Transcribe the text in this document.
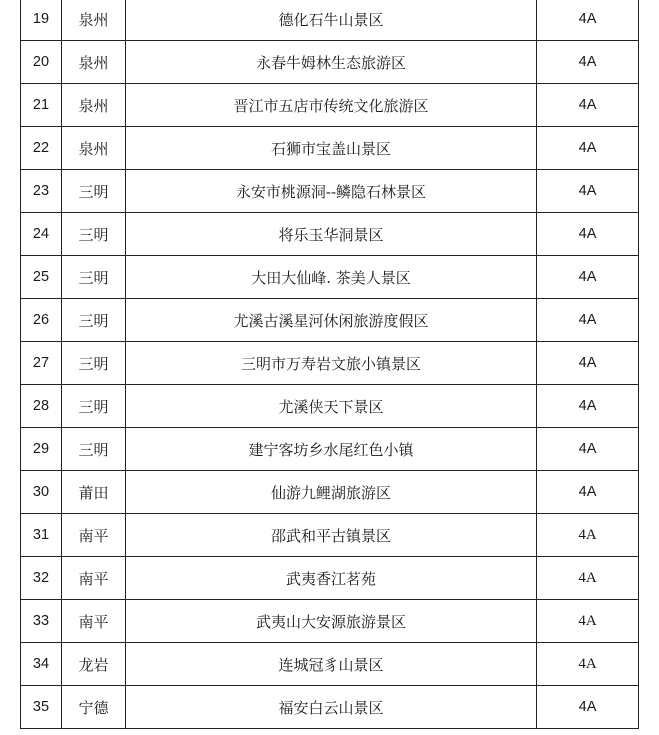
19	泉州	德化石牛山景区	4A
20	泉州	永春牛姆林生态旅游区	4A
21	泉州	晋江市五店市传统文化旅游区	4A
22	泉州	石狮市宝盖山景区	4A
23	三明	永安市桃源洞--鳞隐石林景区	4A
24	三明	将乐玉华洞景区	4A
25	三明	大田大仙峰. 茶美人景区	4A
26	三明	尤溪古溪星河休闲旅游度假区	4A
27	三明	三明市万寿岩文旅小镇景区	4A
28	三明	尤溪侠天下景区	4A
29	三明	建宁客坊乡水尾红色小镇	4A
30	莆田	仙游九鲤湖旅游区	4A
31	南平	邵武和平古镇景区	4A
32	南平	武夷香江茗苑	4A
33	南平	武夷山大安源旅游景区	4A
34	龙岩	连城冠豸山景区	4A
35	宁德	福安白云山景区	4A
